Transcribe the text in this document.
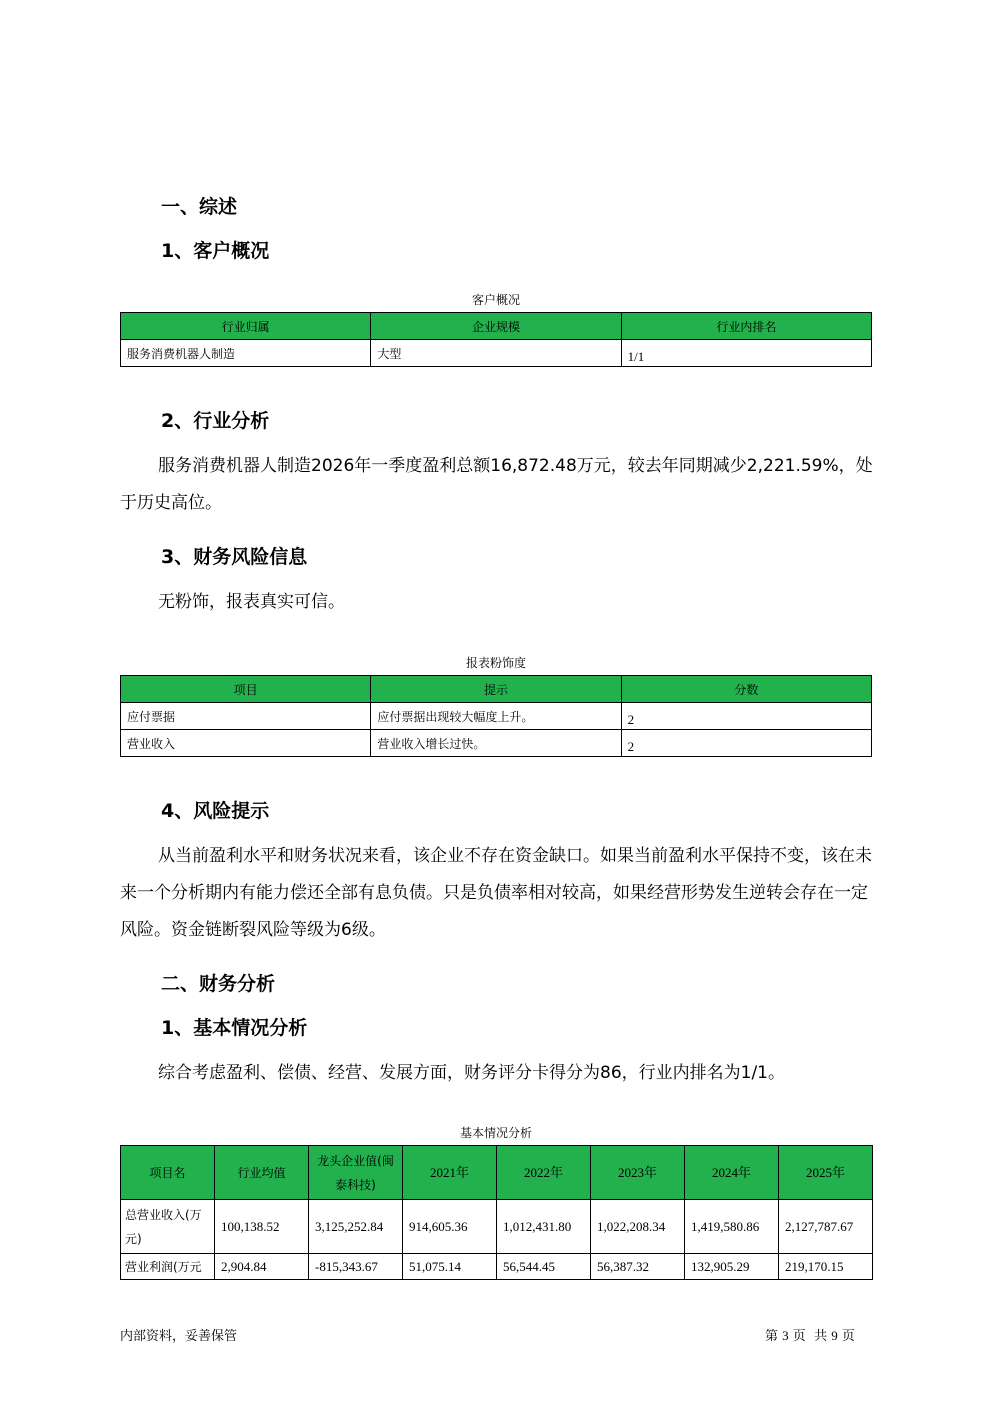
一、综述
1、客户概况
客户概况
行业归属	企业规模	行业内排名
服务消费机器人制造	大型	1/1
2、行业分析
服务消费机器人制造2026年一季度盈利总额16,872.48万元，较去年同期减少2,221.59%，处于历史高位。
3、财务风险信息
无粉饰，报表真实可信。
报表粉饰度
项目	提示	分数
应付票据	应付票据出现较大幅度上升。	2
营业收入	营业收入增长过快。	2
4、风险提示
从当前盈利水平和财务状况来看，该企业不存在资金缺口。如果当前盈利水平保持不变，该在未来一个分析期内有能力偿还全部有息负债。只是负债率相对较高，如果经营形势发生逆转会存在一定风险。资金链断裂风险等级为6级。
二、财务分析
1、基本情况分析
综合考虑盈利、偿债、经营、发展方面，财务评分卡得分为86，行业内排名为1/1。
基本情况分析
项目名	行业均值	龙头企业值(闽泰科技)	2021年	2022年	2023年	2024年	2025年
总营业收入(万元)	100,138.52	3,125,252.84	914,605.36	1,012,431.80	1,022,208.34	1,419,580.86	2,127,787.67
营业利润(万元	2,904.84	-815,343.67	51,075.14	56,544.45	56,387.32	132,905.29	219,170.15
内部资料，妥善保管	第 3 页 共 9 页
